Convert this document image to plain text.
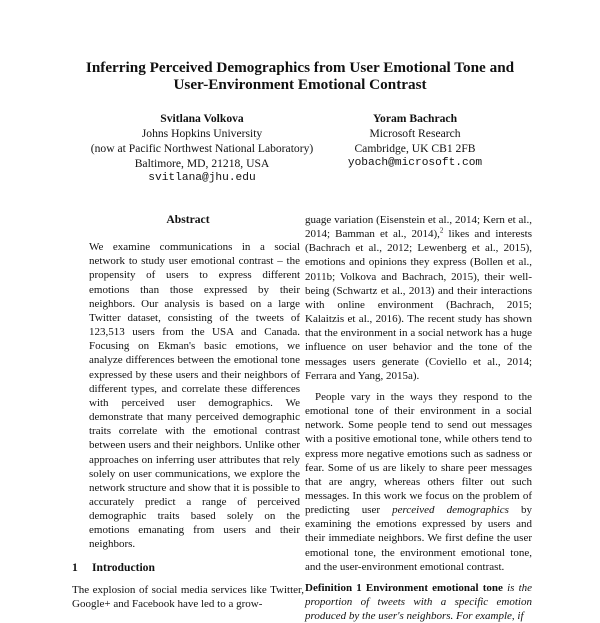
Inferring Perceived Demographics from User Emotional Tone and
User-Environment Emotional Contrast
Svitlana Volkova
Johns Hopkins University
(now at Pacific Northwest National Laboratory)
Baltimore, MD, 21218, USA
svitlana@jhu.edu
Yoram Bachrach
Microsoft Research
Cambridge, UK CB1 2FB
yobach@microsoft.com
Abstract
We examine communications in a social network to study user emotional contrast – the propensity of users to express different emotions than those expressed by their neighbors. Our analysis is based on a large Twitter dataset, consisting of the tweets of 123,513 users from the USA and Canada. Focusing on Ekman's basic emotions, we analyze differences between the emotional tone expressed by these users and their neighbors of different types, and correlate these differences with perceived user demographics. We demonstrate that many perceived demographic traits correlate with the emotional contrast between users and their neighbors. Unlike other approaches on inferring user attributes that rely solely on user communications, we explore the network structure and show that it is possible to accurately predict a range of perceived demographic traits based solely on the emotions emanating from users and their neighbors.
1 Introduction
The explosion of social media services like Twitter, Google+ and Facebook have led to a grow-
guage variation (Eisenstein et al., 2014; Kern et al., 2014; Bamman et al., 2014),$^2$ likes and interests (Bachrach et al., 2012; Lewenberg et al., 2015), emotions and opinions they express (Bollen et al., 2011b; Volkova and Bachrach, 2015), their well-being (Schwartz et al., 2013) and their interactions with online environment (Bachrach, 2015; Kalaitzis et al., 2016). The recent study has shown that the environment in a social network has a huge influence on user behavior and the tone of the messages users generate (Coviello et al., 2014; Ferrara and Yang, 2015a).
People vary in the ways they respond to the emotional tone of their environment in a social network. Some people tend to send out messages with a positive emotional tone, while others tend to express more negative emotions such as sadness or fear. Some of us are likely to share peer messages that are angry, whereas others filter out such messages. In this work we focus on the problem of predicting user perceived demographics by examining the emotions expressed by users and their immediate neighbors. We first define the user emotional tone, the environment emotional tone, and the user-environment emotional contrast.
Definition 1 Environment emotional tone is the proportion of tweets with a specific emotion produced by the user's neighbors. For example, if
